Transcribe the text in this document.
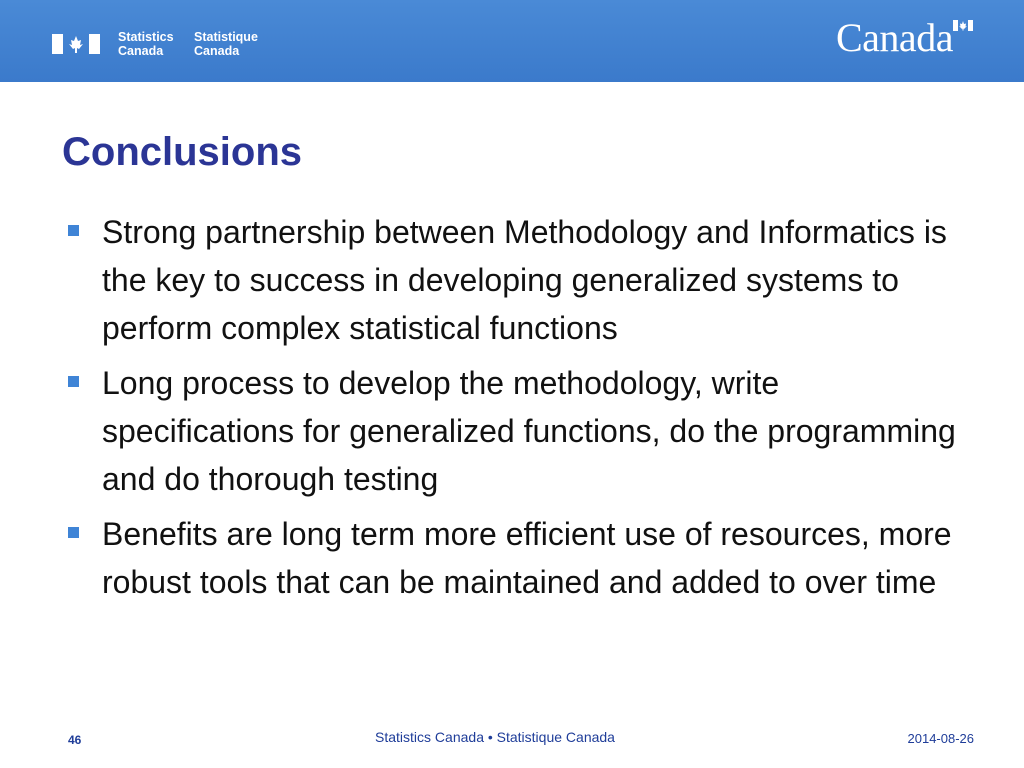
Statistics
Canada
Statistique
Canada	Canada
Conclusions
Strong partnership between Methodology and Informatics is the key to success in developing generalized systems to perform complex statistical functions
Long process to develop the methodology, write specifications for generalized functions, do the programming and do thorough testing
Benefits are long term more efficient use of resources, more robust tools that can be maintained and added to over time
46	Statistics Canada • Statistique Canada	2014-08-26
